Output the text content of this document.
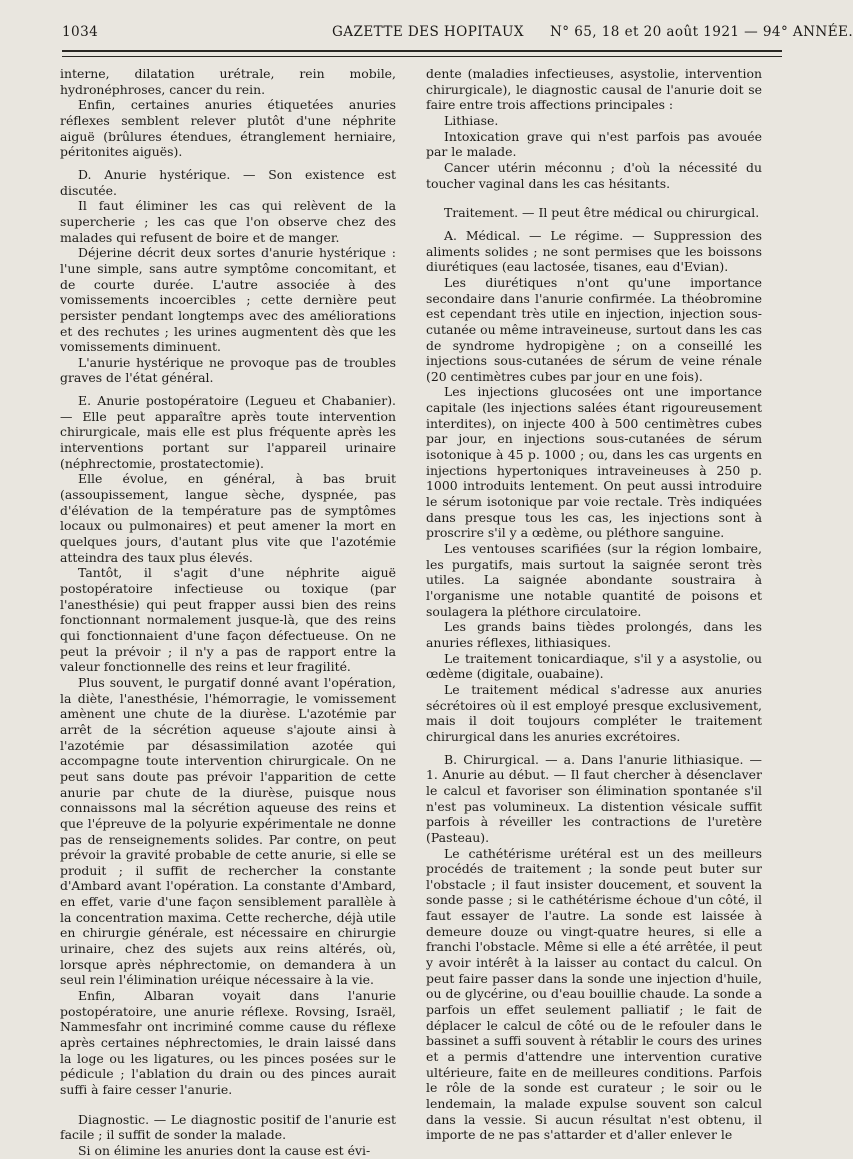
1034	GAZETTE DES HOPITAUX N° 65, 18 et 20 août 1921 — 94° ANNÉE.

interne, dilatation urétrale, rein mobile, hydronéphroses, cancer du rein.

Enfin, certaines anuries étiquetées anuries réflexes semblent relever plutôt d'une néphrite aiguë (brûlures étendues, étranglement herniaire, péritonites aiguës).

D. Anurie hystérique. — Son existence est discutée.

Il faut éliminer les cas qui relèvent de la supercherie ; les cas que l'on observe chez des malades qui refusent de boire et de manger.

Déjerine décrit deux sortes d'anurie hystérique : l'une simple, sans autre symptôme concomitant, et de courte durée. L'autre associée à des vomissements incoercibles ; cette dernière peut persister pendant longtemps avec des améliorations et des rechutes ; les urines augmentent dès que les vomissements diminuent.

L'anurie hystérique ne provoque pas de troubles graves de l'état général.

E. Anurie postopératoire (Legueu et Chabanier). — Elle peut apparaître après toute intervention chirurgicale, mais elle est plus fréquente après les interventions portant sur l'appareil urinaire (néphrectomie, prostatectomie).

Elle évolue, en général, à bas bruit (assoupissement, langue sèche, dyspnée, pas d'élévation de la température pas de symptômes locaux ou pulmonaires) et peut amener la mort en quelques jours, d'autant plus vite que l'azotémie atteindra des taux plus élevés.

Tantôt, il s'agit d'une néphrite aiguë postopératoire infectieuse ou toxique (par l'anesthésie) qui peut frapper aussi bien des reins fonctionnant normalement jusque-là, que des reins qui fonctionnaient d'une façon défectueuse. On ne peut la prévoir ; il n'y a pas de rapport entre la valeur fonctionnelle des reins et leur fragilité.

Plus souvent, le purgatif donné avant l'opération, la diète, l'anesthésie, l'hémorragie, le vomissement amènent une chute de la diurèse. L'azotémie par arrêt de la sécrétion aqueuse s'ajoute ainsi à l'azotémie par désassimilation azotée qui accompagne toute intervention chirurgicale. On ne peut sans doute pas prévoir l'apparition de cette anurie par chute de la diurèse, puisque nous connaissons mal la sécrétion aqueuse des reins et que l'épreuve de la polyurie expérimentale ne donne pas de renseignements solides. Par contre, on peut prévoir la gravité probable de cette anurie, si elle se produit ; il suffit de rechercher la constante d'Ambard avant l'opération. La constante d'Ambard, en effet, varie d'une façon sensiblement parallèle à la concentration maxima. Cette recherche, déjà utile en chirurgie générale, est nécessaire en chirurgie urinaire, chez des sujets aux reins altérés, où, lorsque après néphrectomie, on demandera à un seul rein l'élimination uréique nécessaire à la vie.

Enfin, Albaran voyait dans l'anurie postopératoire, une anurie réflexe. Rovsing, Israël, Nammesfahr ont incriminé comme cause du réflexe après certaines néphrectomies, le drain laissé dans la loge ou les ligatures, ou les pinces posées sur le pédicule ; l'ablation du drain ou des pinces aurait suffi à faire cesser l'anurie.

Diagnostic. — Le diagnostic positif de l'anurie est facile ; il suffit de sonder la malade.

Si on élimine les anuries dont la cause est évi-

dente (maladies infectieuses, asystolie, intervention chirurgicale), le diagnostic causal de l'anurie doit se faire entre trois affections principales :

Lithiase.

Intoxication grave qui n'est parfois pas avouée par le malade.

Cancer utérin méconnu ; d'où la nécessité du toucher vaginal dans les cas hésitants.

Traitement. — Il peut être médical ou chirurgical.

A. Médical. — Le régime. — Suppression des aliments solides ; ne sont permises que les boissons diurétiques (eau lactosée, tisanes, eau d'Evian).

Les diurétiques n'ont qu'une importance secondaire dans l'anurie confirmée. La théobromine est cependant très utile en injection, injection sous-cutanée ou même intraveineuse, surtout dans les cas de syndrome hydropigène ; on a conseillé les injections sous-cutanées de sérum de veine rénale (20 centimètres cubes par jour en une fois).

Les injections glucosées ont une importance capitale (les injections salées étant rigoureusement interdites), on injecte 400 à 500 centimètres cubes par jour, en injections sous-cutanées de sérum isotonique à 45 p. 1000 ; ou, dans les cas urgents en injections hypertoniques intraveineuses à 250 p. 1000 introduits lentement. On peut aussi introduire le sérum isotonique par voie rectale. Très indiquées dans presque tous les cas, les injections sont à proscrire s'il y a œdème, ou pléthore sanguine.

Les ventouses scarifiées (sur la région lombaire, les purgatifs, mais surtout la saignée seront très utiles. La saignée abondante soustraira à l'organisme une notable quantité de poisons et soulagera la pléthore circulatoire.

Les grands bains tièdes prolongés, dans les anuries réflexes, lithiasiques.

Le traitement tonicardiaque, s'il y a asystolie, ou œdème (digitale, ouabaine).

Le traitement médical s'adresse aux anuries sécrétoires où il est employé presque exclusivement, mais il doit toujours compléter le traitement chirurgical dans les anuries excrétoires.

B. Chirurgical. — a. Dans l'anurie lithiasique. — 1. Anurie au début. — Il faut chercher à désenclaver le calcul et favoriser son élimination spontanée s'il n'est pas volumineux. La distention vésicale suffit parfois à réveiller les contractions de l'uretère (Pasteau).

Le cathétérisme urétéral est un des meilleurs procédés de traitement ; la sonde peut buter sur l'obstacle ; il faut insister doucement, et souvent la sonde passe ; si le cathétérisme échoue d'un côté, il faut essayer de l'autre. La sonde est laissée à demeure douze ou vingt-quatre heures, si elle a franchi l'obstacle. Même si elle a été arrêtée, il peut y avoir intérêt à la laisser au contact du calcul. On peut faire passer dans la sonde une injection d'huile, ou de glycérine, ou d'eau bouillie chaude. La sonde a parfois un effet seulement palliatif ; le fait de déplacer le calcul de côté ou de le refouler dans le bassinet a suffi souvent à rétablir le cours des urines et a permis d'attendre une intervention curative ultérieure, faite en de meilleures conditions. Parfois le rôle de la sonde est curateur ; le soir ou le lendemain, la malade expulse souvent son calcul dans la vessie. Si aucun résultat n'est obtenu, il importe de ne pas s'attarder et d'aller enlever le
